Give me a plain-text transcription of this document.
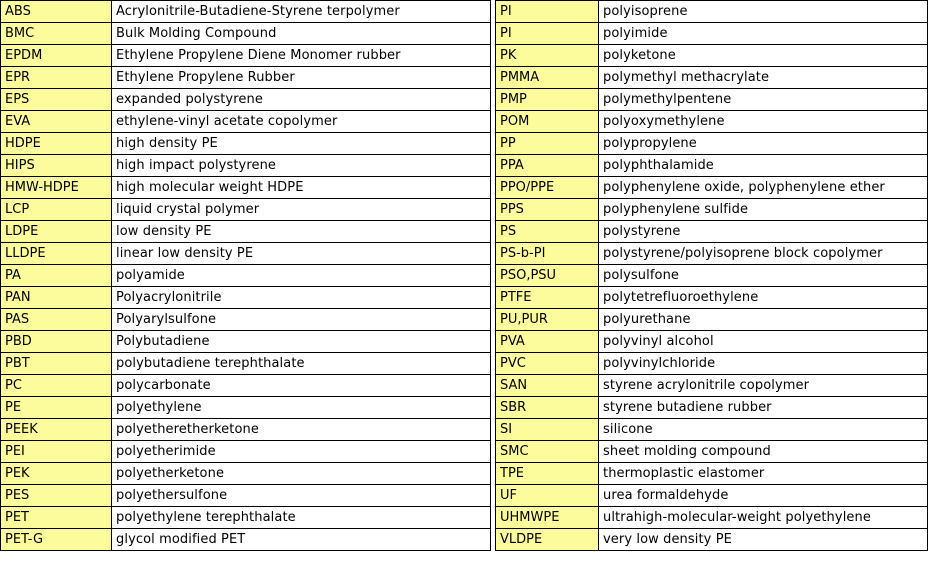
ABS	Acrylonitrile-Butadiene-Styrene terpolymer
BMC	Bulk Molding Compound
EPDM	Ethylene Propylene Diene Monomer rubber
EPR	Ethylene Propylene Rubber
EPS	expanded polystyrene
EVA	ethylene-vinyl acetate copolymer
HDPE	high density PE
HIPS	high impact polystyrene
HMW-HDPE	high molecular weight HDPE
LCP	liquid crystal polymer
LDPE	low density PE
LLDPE	linear low density PE
PA	polyamide
PAN	Polyacrylonitrile
PAS	Polyarylsulfone
PBD	Polybutadiene
PBT	polybutadiene terephthalate
PC	polycarbonate
PE	polyethylene
PEEK	polyetheretherketone
PEI	polyetherimide
PEK	polyetherketone
PES	polyethersulfone
PET	polyethylene terephthalate
PET-G	glycol modified PET
PI	polyisoprene
PI	polyimide
PK	polyketone
PMMA	polymethyl methacrylate
PMP	polymethylpentene
POM	polyoxymethylene
PP	polypropylene
PPA	polyphthalamide
PPO/PPE	polyphenylene oxide, polyphenylene ether
PPS	polyphenylene sulfide
PS	polystyrene
PS-b-PI	polystyrene/polyisoprene block copolymer
PSO,PSU	polysulfone
PTFE	polytetrefluoroethylene
PU,PUR	polyurethane
PVA	polyvinyl alcohol
PVC	polyvinylchloride
SAN	styrene acrylonitrile copolymer
SBR	styrene butadiene rubber
SI	silicone
SMC	sheet molding compound
TPE	thermoplastic elastomer
UF	urea formaldehyde
UHMWPE	ultrahigh-molecular-weight polyethylene
VLDPE	very low density PE
